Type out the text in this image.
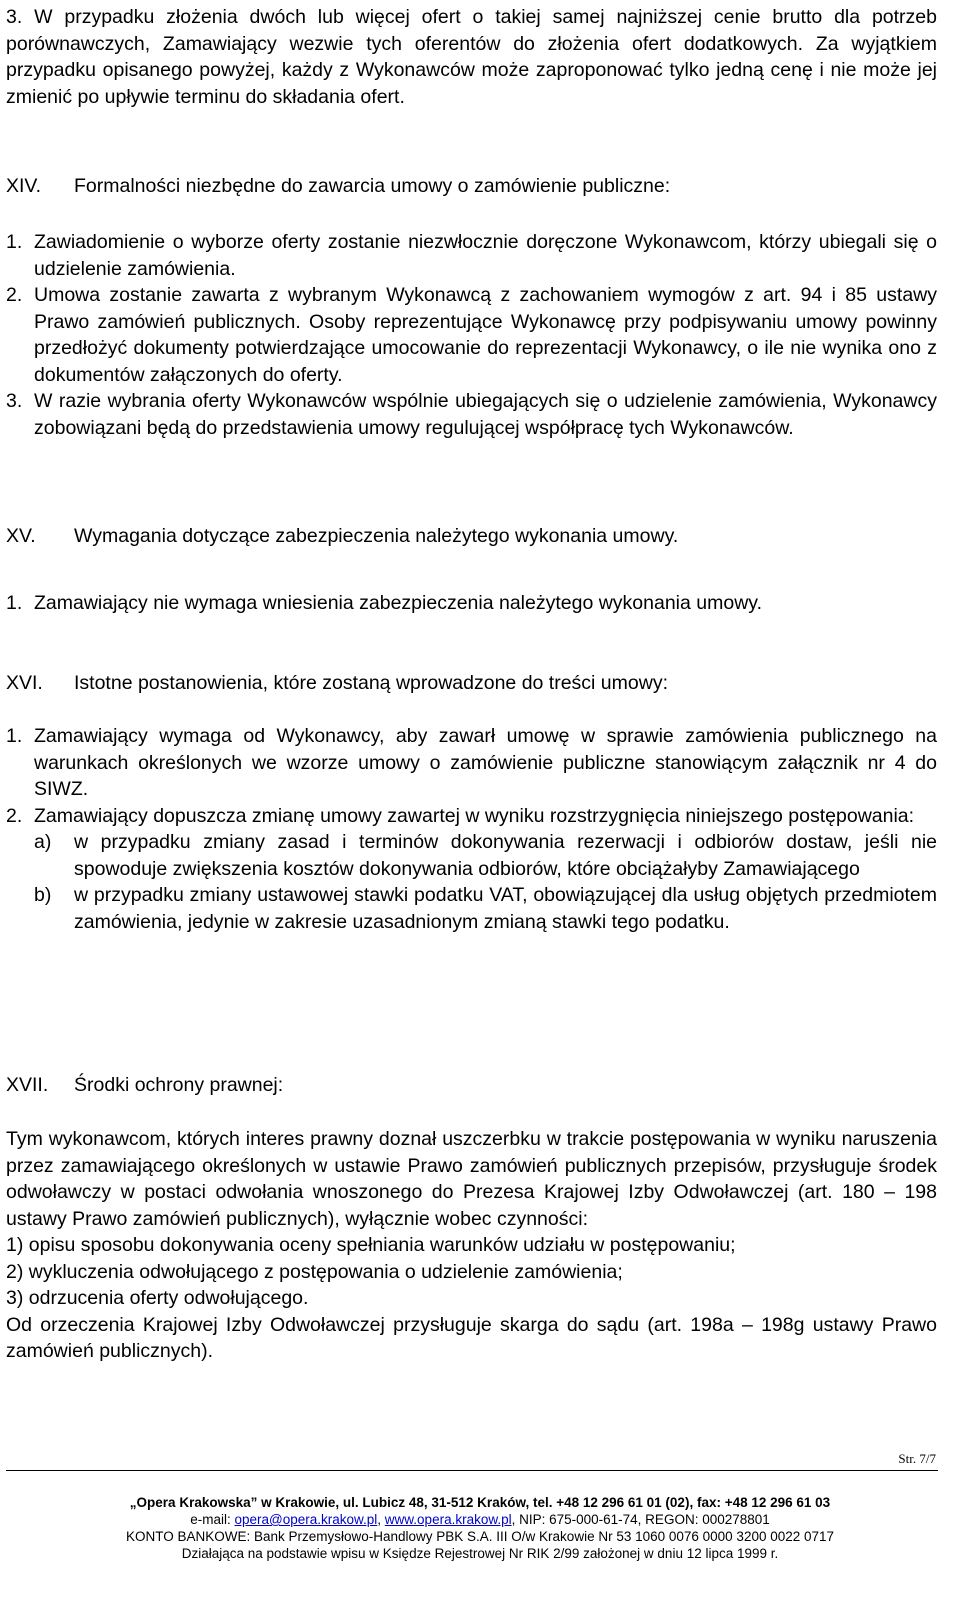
3. W przypadku złożenia dwóch lub więcej ofert o takiej samej najniższej cenie brutto dla potrzeb porównawczych, Zamawiający wezwie tych oferentów do złożenia ofert dodatkowych. Za wyjątkiem przypadku opisanego powyżej, każdy z Wykonawców może zaproponować tylko jedną cenę i nie może jej zmienić po upływie terminu do składania ofert.

XIV. Formalności niezbędne do zawarcia umowy o zamówienie publiczne:
1. Zawiadomienie o wyborze oferty zostanie niezwłocznie doręczone Wykonawcom, którzy ubiegali się o udzielenie zamówienia.
2. Umowa zostanie zawarta z wybranym Wykonawcą z zachowaniem wymogów z art. 94 i 85 ustawy Prawo zamówień publicznych. Osoby reprezentujące Wykonawcę przy podpisywaniu umowy powinny przedłożyć dokumenty potwierdzające umocowanie do reprezentacji Wykonawcy, o ile nie wynika ono z dokumentów załączonych do oferty.
3. W razie wybrania oferty Wykonawców wspólnie ubiegających się o udzielenie zamówienia, Wykonawcy zobowiązani będą do przedstawienia umowy regulującej współpracę tych Wykonawców.
XV. Wymagania dotyczące zabezpieczenia należytego wykonania umowy.
1. Zamawiający nie wymaga wniesienia zabezpieczenia należytego wykonania umowy.
XVI. Istotne postanowienia, które zostaną wprowadzone do treści umowy:
1. Zamawiający wymaga od Wykonawcy, aby zawarł umowę w sprawie zamówienia publicznego na warunkach określonych we wzorze umowy o zamówienie publiczne stanowiącym załącznik nr 4 do SIWZ.
2. Zamawiający dopuszcza zmianę umowy zawartej w wyniku rozstrzygnięcia niniejszego postępowania:
a) w przypadku zmiany zasad i terminów dokonywania rezerwacji i odbiorów dostaw, jeśli nie spowoduje zwiększenia kosztów dokonywania odbiorów, które obciążałyby Zamawiającego
b) w przypadku zmiany ustawowej stawki podatku VAT, obowiązującej dla usług objętych przedmiotem zamówienia, jedynie w zakresie uzasadnionym zmianą stawki tego podatku.
XVII. Środki ochrony prawnej:
Tym wykonawcom, których interes prawny doznał uszczerbku w trakcie postępowania w wyniku naruszenia przez zamawiającego określonych w ustawie Prawo zamówień publicznych przepisów, przysługuje środek odwoławczy w postaci odwołania wnoszonego do Prezesa Krajowej Izby Odwoławczej (art. 180 – 198 ustawy Prawo zamówień publicznych), wyłącznie wobec czynności:
1) opisu sposobu dokonywania oceny spełniania warunków udziału w postępowaniu;
2) wykluczenia odwołującego z postępowania o udzielenie zamówienia;
3) odrzucenia oferty odwołującego.
Od orzeczenia Krajowej Izby Odwoławczej przysługuje skarga do sądu (art. 198a – 198g ustawy Prawo zamówień publicznych).
Str. 7/7
„Opera Krakowska” w Krakowie, ul. Lubicz 48, 31-512 Kraków, tel. +48 12 296 61 01 (02), fax: +48 12 296 61 03
e-mail: opera@opera.krakow.pl, www.opera.krakow.pl, NIP: 675-000-61-74, REGON: 000278801
KONTO BANKOWE: Bank Przemysłowo-Handlowy PBK S.A. III O/w Krakowie Nr 53 1060 0076 0000 3200 0022 0717
Działająca na podstawie wpisu w Księdze Rejestrowej Nr RIK 2/99 założonej w dniu 12 lipca 1999 r.
